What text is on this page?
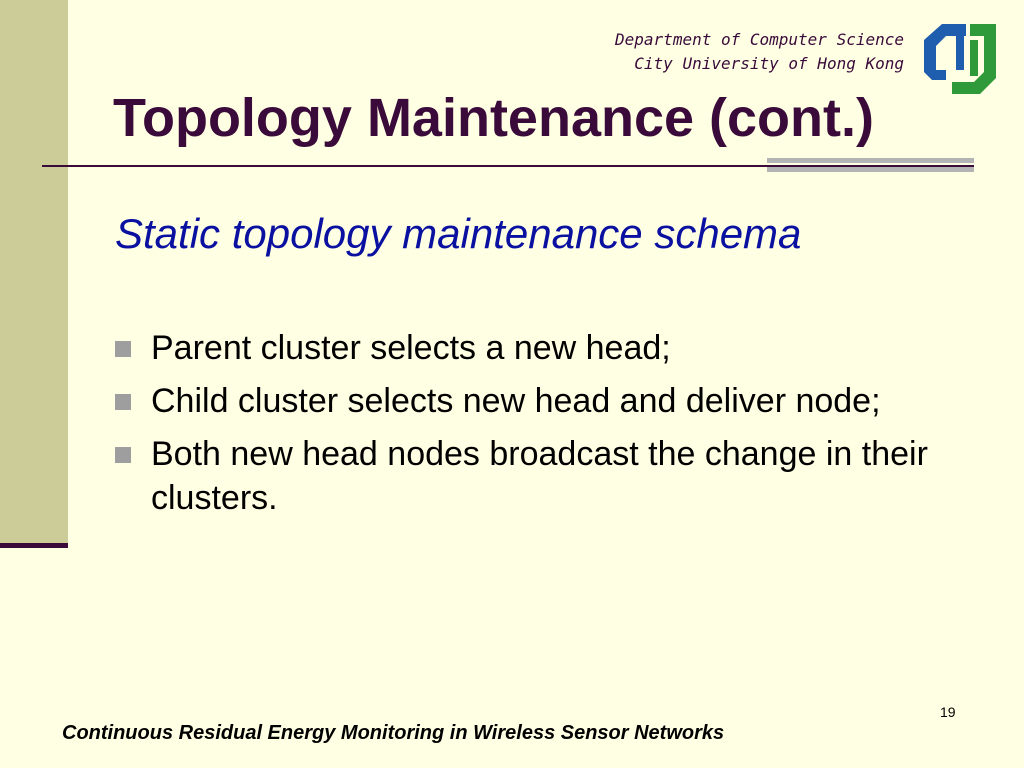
Department of Computer Science
City University of Hong Kong
Topology Maintenance (cont.)
Static topology maintenance schema
Parent cluster selects a new head;
Child cluster selects new head and deliver node;
Both new head nodes broadcast the change in their clusters.
19
Continuous Residual Energy Monitoring in Wireless Sensor Networks
